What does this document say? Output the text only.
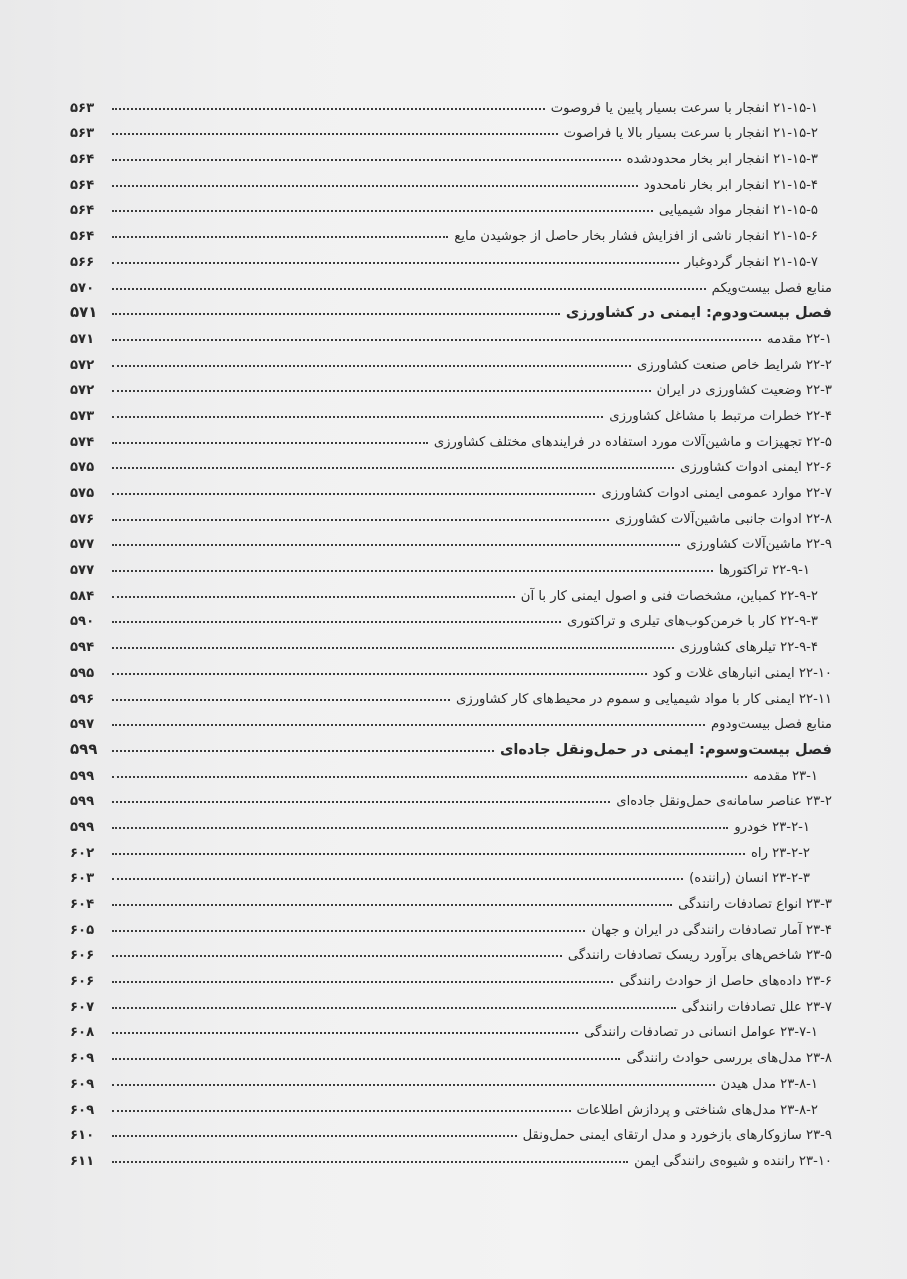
۲۱-۱۵-۱ انفجار با سرعت بسیار پایین یا فروصوت
۵۶۳
۲۱-۱۵-۲ انفجار با سرعت بسیار بالا یا فراصوت
۵۶۳
۲۱-۱۵-۳ انفجار ابر بخار محدودشده
۵۶۴
۲۱-۱۵-۴ انفجار ابر بخار نامحدود
۵۶۴
۲۱-۱۵-۵ انفجار مواد شیمیایی
۵۶۴
۲۱-۱۵-۶ انفجار ناشی از افزایش فشار بخار حاصل از جوشیدن مایع
۵۶۴
۲۱-۱۵-۷ انفجار گردوغبار
۵۶۶
منابع فصل بیست‌ویکم
۵۷۰
فصل بیست‌ودوم: ایمنی در کشاورزی
۵۷۱
۲۲-۱ مقدمه
۵۷۱
۲۲-۲ شرایط خاص صنعت کشاورزی
۵۷۲
۲۲-۳ وضعیت کشاورزی در ایران
۵۷۲
۲۲-۴ خطرات مرتبط با مشاغل کشاورزی
۵۷۳
۲۲-۵ تجهیزات و ماشین‌آلات مورد استفاده در فرایندهای مختلف کشاورزی
۵۷۴
۲۲-۶ ایمنی ادوات کشاورزی
۵۷۵
۲۲-۷ موارد عمومی ایمنی ادوات کشاورزی
۵۷۵
۲۲-۸ ادوات جانبی ماشین‌آلات کشاورزی
۵۷۶
۲۲-۹ ماشین‌آلات کشاورزی
۵۷۷
۲۲-۹-۱ تراکتورها
۵۷۷
۲۲-۹-۲ کمباین، مشخصات فنی و اصول ایمنی کار با آن
۵۸۴
۲۲-۹-۳ کار با خرمن‌کوب‌های تیلری و تراکتوری
۵۹۰
۲۲-۹-۴ تیلرهای کشاورزی
۵۹۴
۲۲-۱۰ ایمنی انبارهای غلات و کود
۵۹۵
۲۲-۱۱ ایمنی کار با مواد شیمیایی و سموم در محیط‌های کار کشاورزی
۵۹۶
منابع فصل بیست‌ودوم
۵۹۷
فصل بیست‌وسوم: ایمنی در حمل‌ونقل جاده‌ای
۵۹۹
۲۳-۱ مقدمه
۵۹۹
۲۳-۲ عناصر سامانه‌ی حمل‌ونقل جاده‌ای
۵۹۹
۲۳-۲-۱ خودرو
۵۹۹
۲۳-۲-۲ راه
۶۰۲
۲۳-۲-۳ انسان (راننده)
۶۰۳
۲۳-۳ انواع تصادفات رانندگی
۶۰۴
۲۳-۴ آمار تصادفات رانندگی در ایران و جهان
۶۰۵
۲۳-۵ شاخص‌های برآورد ریسک تصادفات رانندگی
۶۰۶
۲۳-۶ داده‌های حاصل از حوادث رانندگی
۶۰۶
۲۳-۷ علل تصادفات رانندگی
۶۰۷
۲۳-۷-۱ عوامل انسانی در تصادفات رانندگی
۶۰۸
۲۳-۸ مدل‌های بررسی حوادث رانندگی
۶۰۹
۲۳-۸-۱ مدل هیدن
۶۰۹
۲۳-۸-۲ مدل‌های شناختی و پردازش اطلاعات
۶۰۹
۲۳-۹ سازوکارهای بازخورد و مدل ارتقای ایمنی حمل‌ونقل
۶۱۰
۲۳-۱۰ راننده و شیوه‌ی رانندگی ایمن
۶۱۱
